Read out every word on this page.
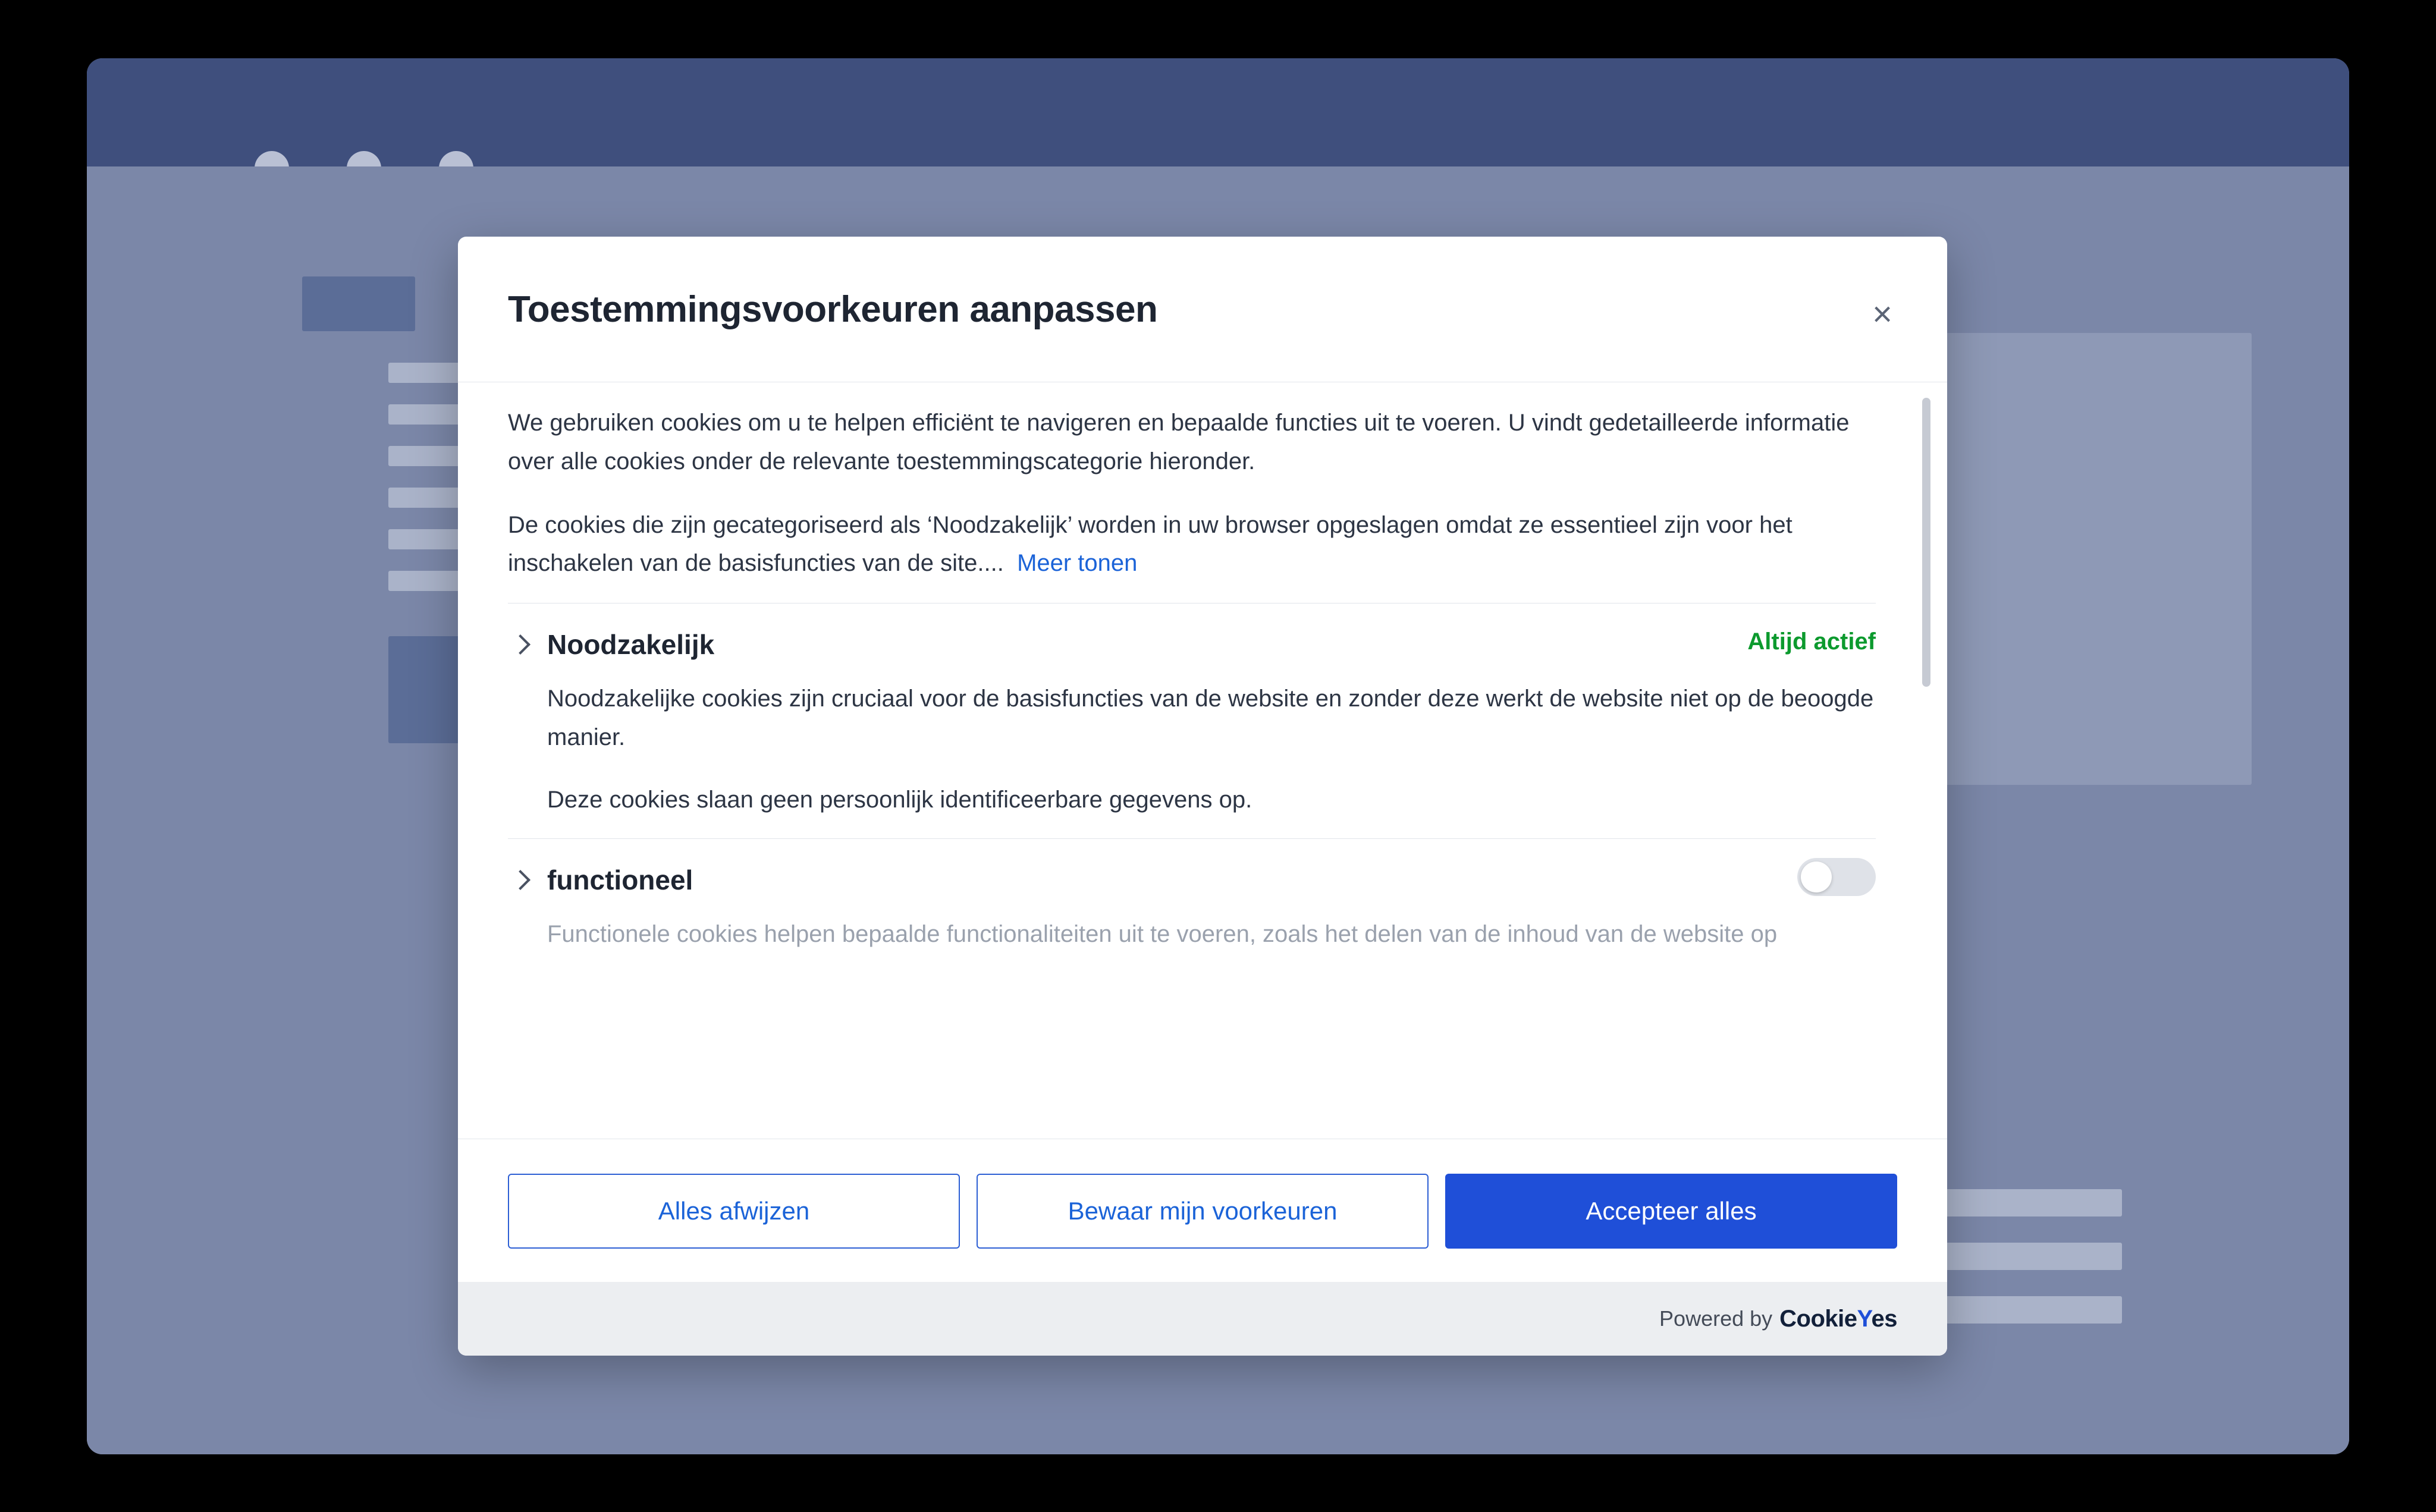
Toestemmingsvoorkeuren aanpassen	×

We gebruiken cookies om u te helpen efficiënt te navigeren en bepaalde functies uit te voeren. U vindt gedetailleerde informatie over alle cookies onder de relevante toestemmingscategorie hieronder.

De cookies die zijn gecategoriseerd als ‘Noodzakelijk’ worden in uw browser opgeslagen omdat ze essentieel zijn voor het inschakelen van de basisfuncties van de site.... Meer tonen

Noodzakelijk	Altijd actief

Noodzakelijke cookies zijn cruciaal voor de basisfuncties van de website en zonder deze werkt de website niet op de beoogde manier.

Deze cookies slaan geen persoonlijk identificeerbare gegevens op.

functioneel

Functionele cookies helpen bepaalde functionaliteiten uit te voeren, zoals het delen van de inhoud van de website op

Alles afwijzen	Bewaar mijn voorkeuren	Accepteer alles
Powered by CookieYes
